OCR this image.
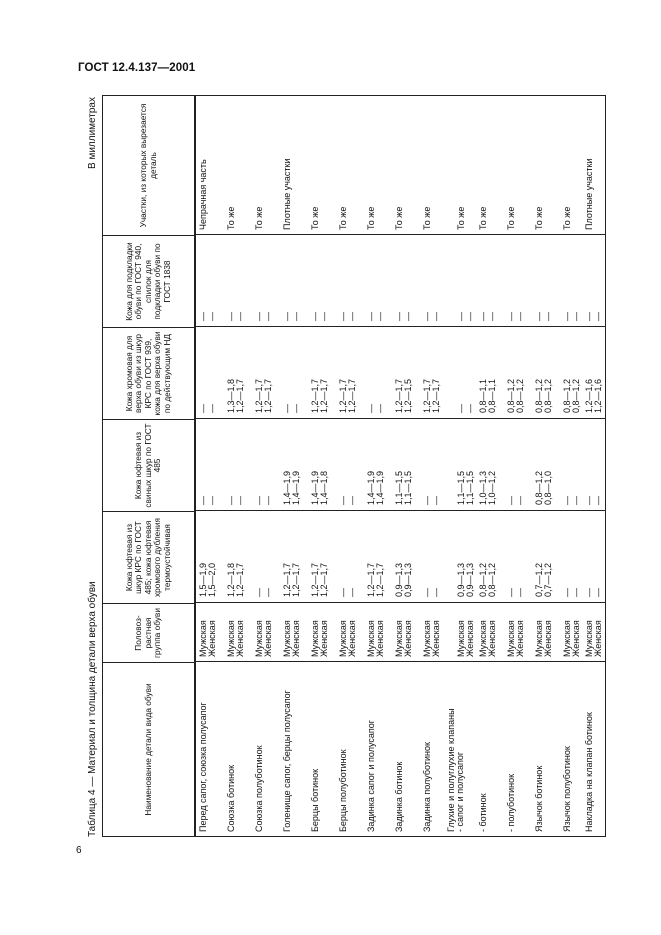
ГОСТ 12.4.137—2001
Таблица 4 — Материал и толщина детали верха обуви
В миллиметрах
Наименование детали вида обуви
Половоз-растная группа обуви
Кожа юфтевая из шкур КРС по ГОСТ 485; кожа юфтевая хромового дубления термоустойчивая
Кожа юфтевая из свиных шкур по ГОСТ 485
Кожа хромовая для верха обуви из шкур КРС по ГОСТ 939, кожа для верха обуви по действующим НД
Кожа для подкладки обуви по ГОСТ 940, спилок для подкладки обуви по ГОСТ 1838
Участки, из которых вырезается деталь
Перед сапог, союзка полусапог
Мужская
Женская
1,5—1,9
1,5—2,0
—
—
—
—
—
—
Чепрачная часть
Союзка ботинок
Мужская
Женская
1,2—1,8
1,2—1,7
—
—
1,3—1,8
1,2—1,7
—
—
То же
Союзка полуботинок
Мужская
Женская
—
—
—
—
1,2—1,7
1,2—1,7
—
—
То же
Голенище сапог, берцы полусапог
Мужская
Женская
1,2—1,7
1,2—1,7
1,4—1,9
1,4—1,9
—
—
—
—
Плотные участки
Берцы ботинок
Мужская
Женская
1,2—1,7
1,2—1,7
1,4—1,9
1,4—1,8
1,2—1,7
1,2—1,7
—
—
То же
Берцы полуботинок
Мужская
Женская
—
—
—
—
1,2—1,7
1,2—1,7
—
—
То же
Задинка сапог и полусапог
Мужская
Женская
1,2—1,7
1,2—1,7
1,4—1,9
1,4—1,9
—
—
—
—
То же
Задинка ботинок
Мужская
Женская
0,9—1,3
0,9—1,3
1,1—1,5
1,1—1,5
1,2—1,7
1,2—1,5
—
—
То же
Задинка полуботинок
Мужская
Женская
—
—
—
—
1,2—1,7
1,2—1,7
—
—
То же
Глухие и полуглухие клапаны
- сапог и полусапог
Мужская
Женская
0,9—1,3
0,9—1,3
1,1—1,5
1,1—1,5
—
—
—
—
То же
- ботинок
Мужская
Женская
0,8—1,2
0,8—1,2
1,0—1,3
1,0—1,2
0,8—1,1
0,8—1,1
—
—
То же
- полуботинок
Мужская
Женская
—
—
—
—
0,8—1,2
0,8—1,2
—
—
То же
Язычок ботинок
Мужская
Женская
0,7—1,2
0,7—1,2
0,8—1,2
0,8—1,0
0,8—1,2
0,8—1,2
—
—
То же
Язычок полуботинок
Мужская
Женская
—
—
—
—
0,8—1,2
0,8—1,2
—
—
То же
Накладка на клапан ботинок
Мужская
Женская
—
—
—
—
1,2—1,6
1,2—1,6
—
—
Плотные участки
6
